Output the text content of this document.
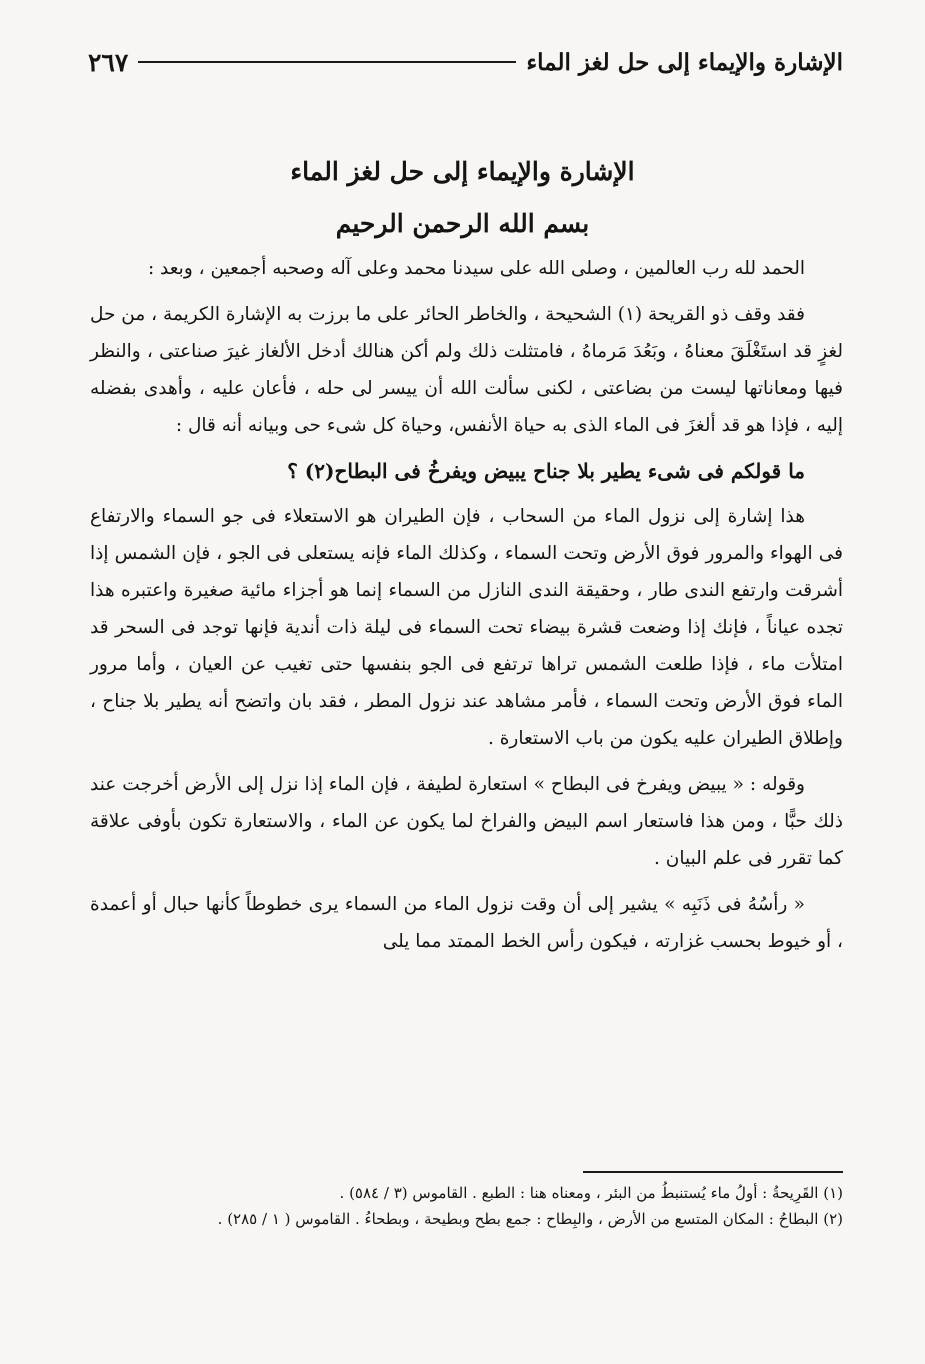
الإشارة والإيماء إلى حل لغز الماء
٢٦٧
الإشارة والإيماء إلى حل لغز الماء
بسم الله الرحمن الرحيم

الحمد لله رب العالمين ، وصلى الله على سيدنا محمد وعلى آله وصحبه أجمعين ، وبعد :

فقد وقف ذو القريحة (١) الشحيحة ، والخاطر الحائر على ما برزت به الإشارة الكريمة ، من حل لغزٍ قد استَغْلَقَ معناهُ ، وبَعُدَ مَرماهُ ، فامتثلت ذلك ولم أكن هنالك أدخل الألغاز غيرَ صناعتى ، والنظر فيها ومعاناتها ليست من بضاعتى ، لكنى سألت الله أن ييسر لى حله ، فأعان عليه ، وأهدى بفضله إليه ، فإذا هو قد ألغزَ فى الماء الذى به حياة الأنفس، وحياة كل شىء حى وبيانه أنه قال :

ما قولكم فى شىء يطير بلا جناح يبيض ويفرخُ فى البطاح(٢) ؟

هذا إشارة إلى نزول الماء من السحاب ، فإن الطيران هو الاستعلاء فى جو السماء والارتفاع فى الهواء والمرور فوق الأرض وتحت السماء ، وكذلك الماء فإنه يستعلى فى الجو ، فإن الشمس إذا أشرقت وارتفع الندى طار ، وحقيقة الندى النازل من السماء إنما هو أجزاء مائية صغيرة واعتبره هذا تجده عياناً ، فإنك إذا وضعت قشرة بيضاء تحت السماء فى ليلة ذات أندية فإنها توجد فى السحر قد امتلأت ماء ، فإذا طلعت الشمس تراها ترتفع فى الجو بنفسها حتى تغيب عن العيان ، وأما مرور الماء فوق الأرض وتحت السماء ، فأمر مشاهد عند نزول المطر ، فقد بان واتضح أنه يطير بلا جناح ، وإطلاق الطيران عليه يكون من باب الاستعارة .

وقوله : « يبيض ويفرخ فى البطاح » استعارة لطيفة ، فإن الماء إذا نزل إلى الأرض أخرجت عند ذلك حبًّا ، ومن هذا فاستعار اسم البيض والفراخ لما يكون عن الماء ، والاستعارة تكون بأوفى علاقة كما تقرر فى علم البيان .

« رأسُهُ فى ذَنَبِه » يشير إلى أن وقت نزول الماء من السماء يرى خطوطاً كأنها حبال أو أعمدة ، أو خيوط بحسب غزارته ، فيكون رأس الخط الممتد مما يلى

(١) القَرِيحةُ : أولُ ماء يُستنبطُ من البئر ، ومعناه هنا : الطبع . القاموس (٣ / ٥٨٤) .

(٢) البطاحُ : المكان المتسع من الأرض ، والبِطاح : جمع بطح وبطيحة ، وبطحاءُ . القاموس ( ١ / ٢٨٥) .
